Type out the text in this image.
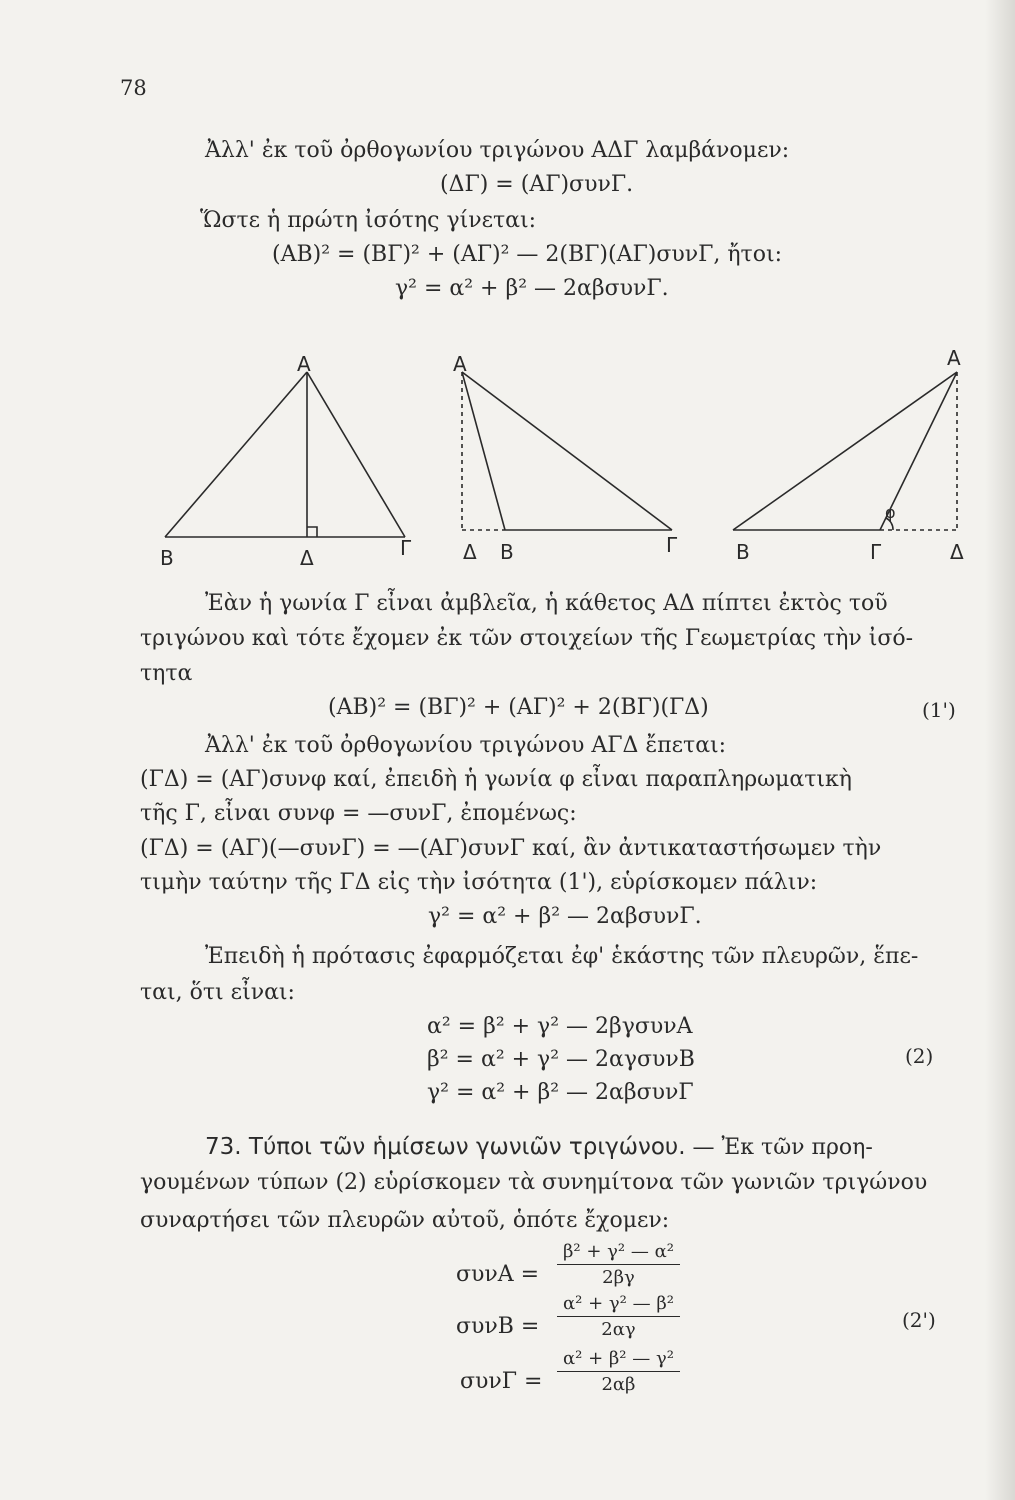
78
Ἀλλ' ἐκ τοῦ ὀρθογωνίου τριγώνου ΑΔΓ λαμβάνομεν:
(ΔΓ) = (ΑΓ)συνΓ.
Ὥστε ἡ πρώτη ἰσότης γίνεται:
(ΑΒ)² = (ΒΓ)² + (ΑΓ)² — 2(ΒΓ)(ΑΓ)συνΓ, ἤτοι:
γ² = α² + β² — 2αβσυνΓ.
Α
Β	Δ	Γ
Α
Δ Β	Γ
Α
Β	Γ	Δ
φ
Ἐὰν ἡ γωνία Γ εἶναι ἀμβλεῖα, ἡ κάθετος ΑΔ πίπτει ἐκτὸς τοῦ
τριγώνου καὶ τότε ἔχομεν ἐκ τῶν στοιχείων τῆς Γεωμετρίας τὴν ἰσό-
τητα
(ΑΒ)² = (ΒΓ)² + (ΑΓ)² + 2(ΒΓ)(ΓΔ)	(1')
Ἀλλ' ἐκ τοῦ ὀρθογωνίου τριγώνου ΑΓΔ ἔπεται:
(ΓΔ) = (ΑΓ)συνφ καί, ἐπειδὴ ἡ γωνία φ εἶναι παραπληρωματικὴ
τῆς Γ, εἶναι συνφ = —συνΓ, ἐπομένως:
(ΓΔ) = (ΑΓ)(—συνΓ) = —(ΑΓ)συνΓ καί, ἂν ἀντικαταστήσωμεν τὴν
τιμὴν ταύτην τῆς ΓΔ εἰς τὴν ἰσότητα (1'), εὑρίσκομεν πάλιν:
γ² = α² + β² — 2αβσυνΓ.
Ἐπειδὴ ἡ πρότασις ἐφαρμόζεται ἐφ' ἑκάστης τῶν πλευρῶν, ἕπε-
ται, ὅτι εἶναι:
α² = β² + γ² — 2βγσυνΑ
β² = α² + γ² — 2αγσυνΒ
γ² = α² + β² — 2αβσυνΓ
(2)
73. Τύποι τῶν ἡμίσεων γωνιῶν τριγώνου. — Ἐκ τῶν προη-
γουμένων τύπων (2) εὑρίσκομεν τὰ συνημίτονα τῶν γωνιῶν τριγώνου
συναρτήσει τῶν πλευρῶν αὐτοῦ, ὁπότε ἔχομεν:
$\sigma\upsilon\nu A = \frac{\text{β² + γ² — α²}}{2\beta\gamma}$
$\sigma\upsilon\nu B = \frac{\text{α² + γ² — β²}}{2\alpha\gamma}$	(2')
$\sigma\upsilon\nu\Gamma = \frac{\text{α² + β² — γ²}}{2\alpha\beta}$
